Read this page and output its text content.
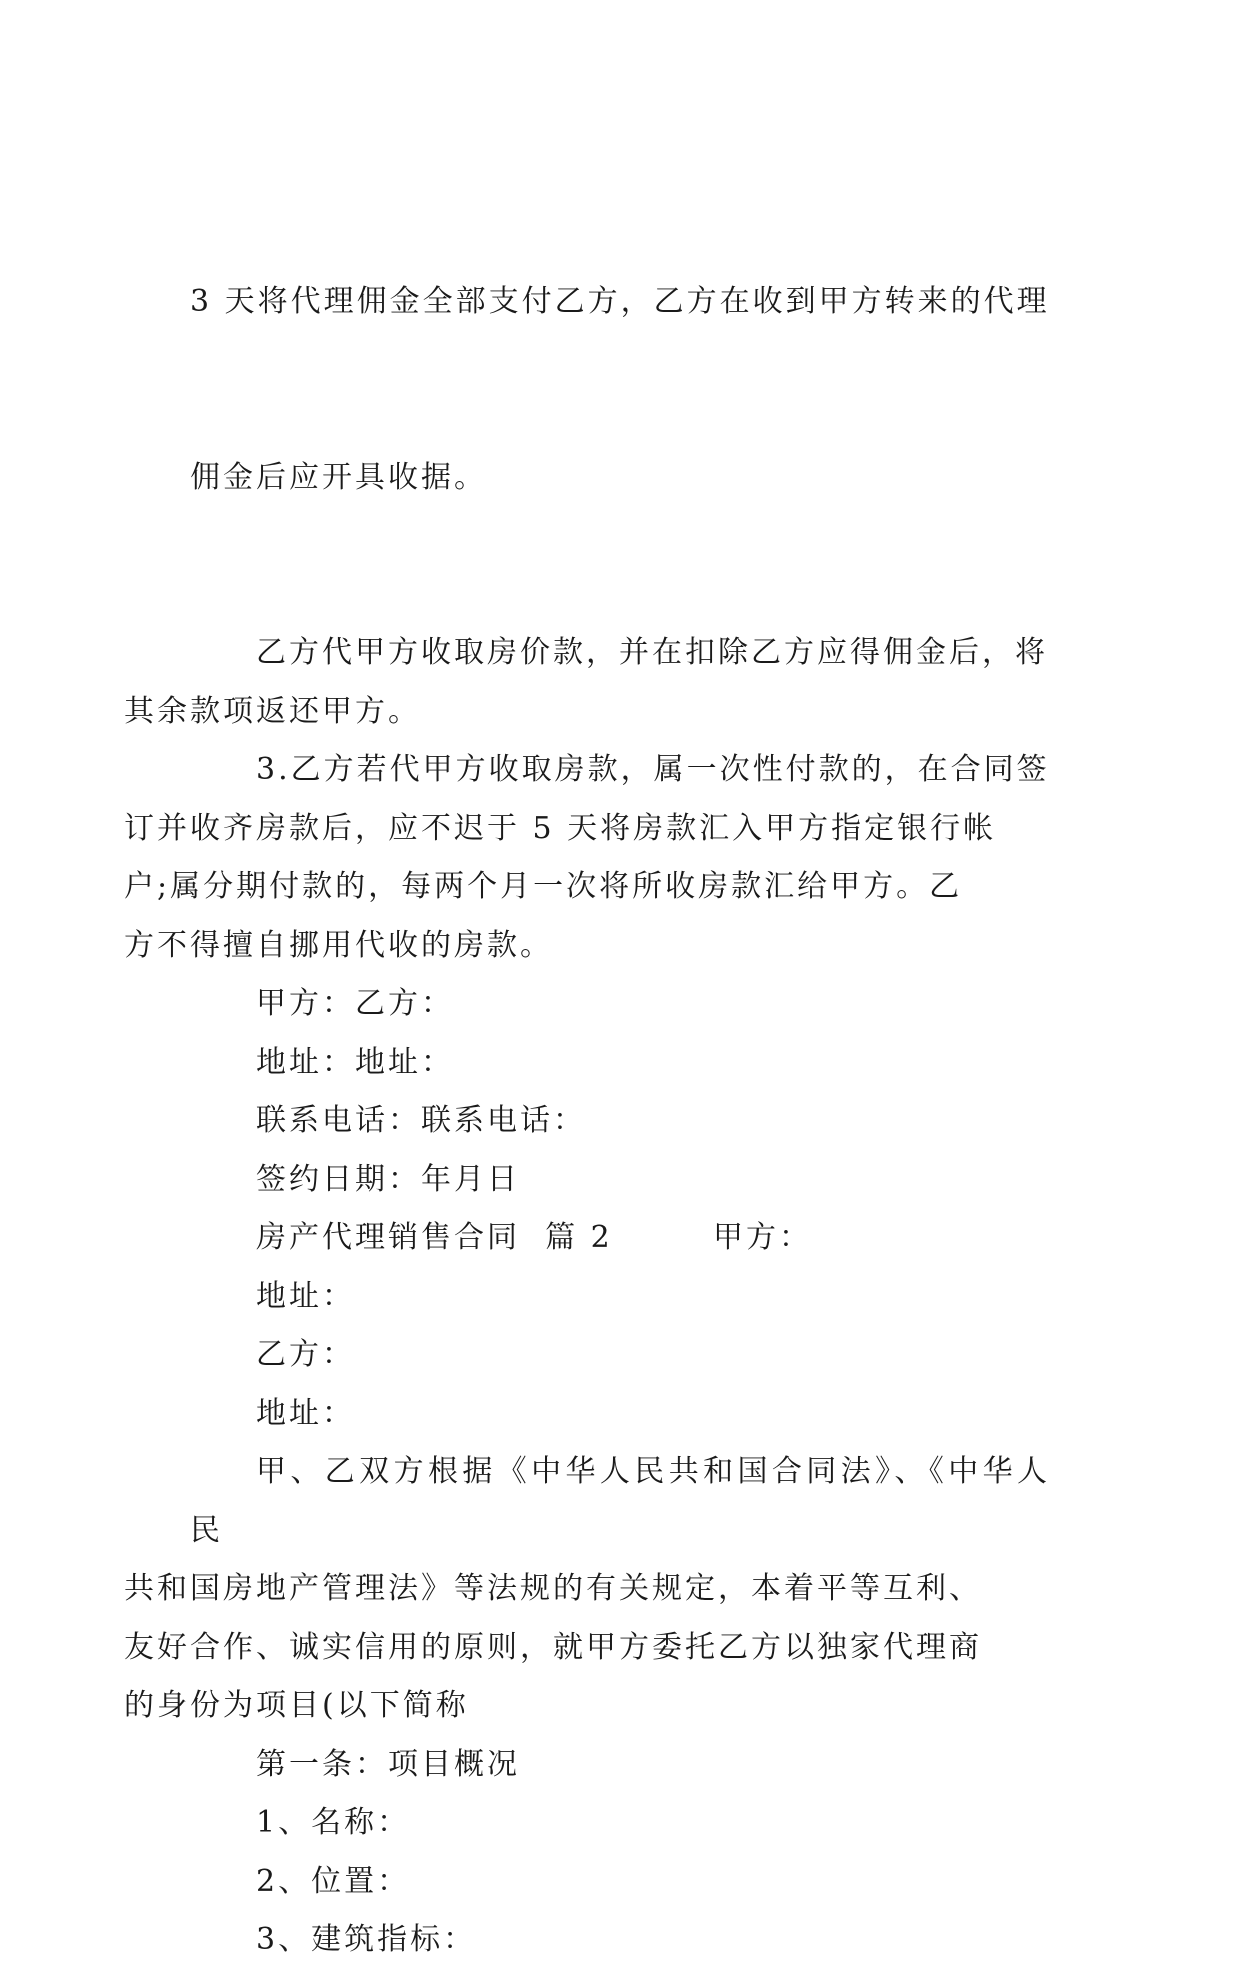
3 天将代理佣金全部支付乙方，乙方在收到甲方转来的代理

佣金后应开具收据。

乙方代甲方收取房价款，并在扣除乙方应得佣金后，将
其余款项返还甲方。

3.乙方若代甲方收取房款，属一次性付款的，在合同签
订并收齐房款后，应不迟于 5 天将房款汇入甲方指定银行帐
户;属分期付款的，每两个月一次将所收房款汇给甲方。乙
方不得擅自挪用代收的房款。

甲方：乙方：

地址：地址：

联系电话：联系电话：

签约日期：年月日

房产代理销售合同  篇 2        甲方：

地址：

乙方：

地址：

甲、乙双方根据《中华人民共和国合同法》、《中华人民
共和国房地产管理法》等法规的有关规定，本着平等互利、
友好合作、诚实信用的原则，就甲方委托乙方以独家代理商
的身份为项目(以下简称

第一条：项目概况

1、名称：

2、位置：

3、建筑指标：
